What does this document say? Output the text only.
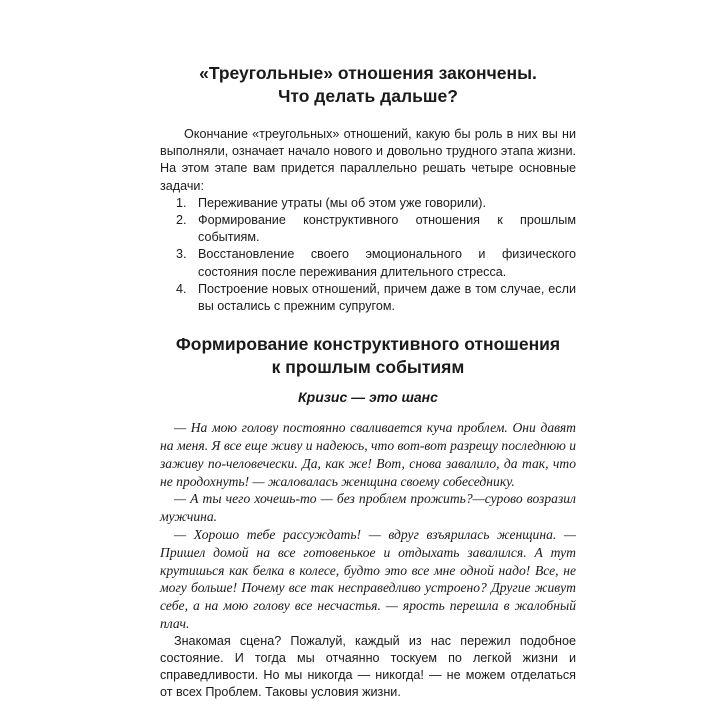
«Треугольные» отношения закончены.
Что делать дальше?

Окончание «треугольных» отношений, какую бы роль в них вы ни выполняли, означает начало нового и довольно трудного этапа жизни. На этом этапе вам придется параллельно решать четыре основные задачи:

1. Переживание утраты (мы об этом уже говорили).
2. Формирование конструктивного отношения к прошлым событиям.
3. Восстановление своего эмоционального и физического состояния после переживания длительного стресса.
4. Построение новых отношений, причем даже в том случае, если вы остались с прежним супругом.
Формирование конструктивного отношения
к прошлым событиям
Кризис — это шанс

— На мою голову постоянно сваливается куча проблем. Они давят на меня. Я все еще живу и надеюсь, что вот-вот разрещу последнюю и заживу по-человечески. Да, как же! Вот, снова завалило, да так, что не продохнуть! — жаловалась женщина своему собеседнику.

— А ты чего хочешь-то — без проблем прожить?—сурово возразил мужчина.

— Хорошо тебе рассуждать! — вдруг взъярилась женщина. — Пришел домой на все готовенькое и отдыхать завалился. А тут крутишься как белка в колесе, будто это все мне одной надо! Все, не могу больше! Почему все так несправедливо устроено? Другие живут себе, а на мою голову все несчастья. — ярость перешла в жалобный плач.

Знакомая сцена? Пожалуй, каждый из нас пережил подобное состояние. И тогда мы отчаянно тоскуем по легкой жизни и справедливости. Но мы никогда — никогда! — не можем отделаться от всех Проблем. Таковы условия жизни.
